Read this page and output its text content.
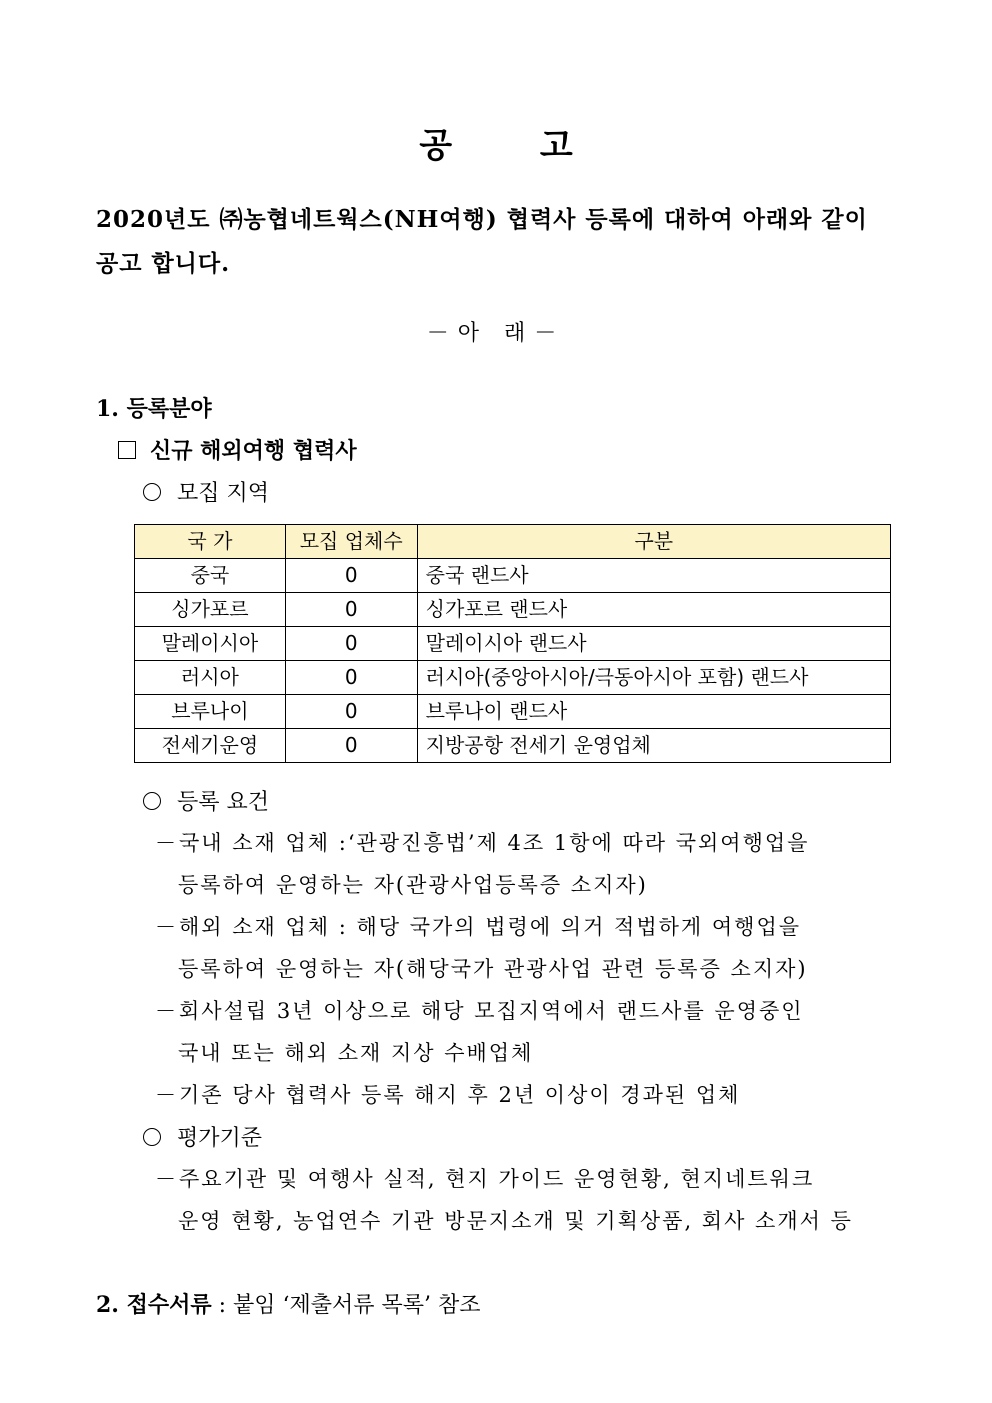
공 고
2020년도 ㈜농협네트웍스(NH여행) 협력사 등록에 대하여 아래와 같이
공고 합니다.
－아 래－
1. 등록분야
신규 해외여행 협력사
모집 지역
국 가	모집 업체수	구분
중국	0	중국 랜드사
싱가포르	0	싱가포르 랜드사
말레이시아	0	말레이시아 랜드사
러시아	0	러시아(중앙아시아/극동아시아 포함) 랜드사
브루나이	0	브루나이 랜드사
전세기운영	0	지방공항 전세기 운영업체
등록 요건
－국내 소재 업체 :‘관광진흥법’제 4조 1항에 따라 국외여행업을
등록하여 운영하는 자(관광사업등록증 소지자)
－해외 소재 업체 : 해당 국가의 법령에 의거 적법하게 여행업을
등록하여 운영하는 자(해당국가 관광사업 관련 등록증 소지자)
－회사설립 3년 이상으로 해당 모집지역에서 랜드사를 운영중인
국내 또는 해외 소재 지상 수배업체
－기존 당사 협력사 등록 해지 후 2년 이상이 경과된 업체
평가기준
－주요기관 및 여행사 실적, 현지 가이드 운영현황, 현지네트워크
운영 현황, 농업연수 기관 방문지소개 및 기획상품, 회사 소개서 등
2. 접수서류 : 붙임 ‘제출서류 목록’ 참조
